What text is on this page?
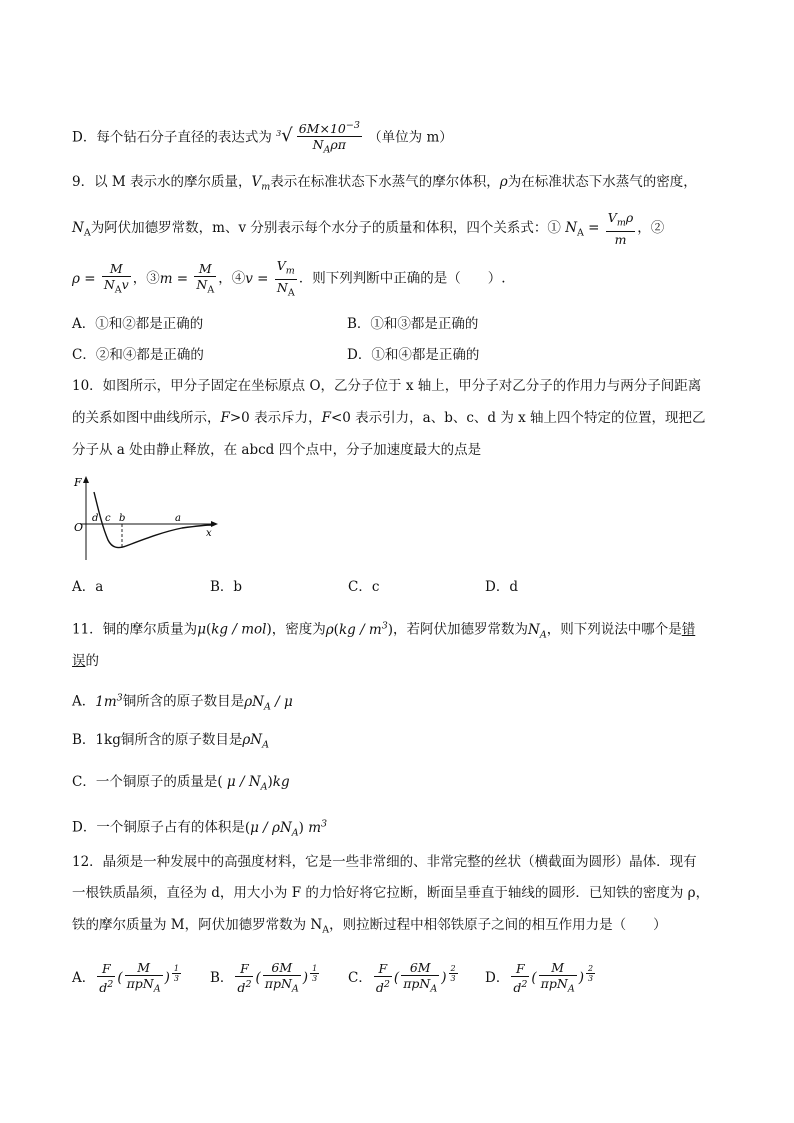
D．每个钻石分子直径的表达式为 $^3√ \frac{6M\times 10^{-3}}{N_A\rho\pi}$ （单位为 m）
9．以 M 表示水的摩尔质量，$V_m$表示在标准状态下水蒸气的摩尔体积，ρ为在标准状态下水蒸气的密度，
$N_A$为阿伏加德罗常数，m、v 分别表示每个水分子的质量和体积，四个关系式：① $N_A = \frac{V_m\rho}{m}$ ，②
$\rho = \frac{M}{N_Av}$ ，③m = $\frac{M}{N_A}$ ，④v = $\frac{V_m}{N_A}$ ．则下列判断中正确的是（　　）.
A．①和②都是正确的	B．①和③都是正确的
C．②和④都是正确的	D．①和④都是正确的
10．如图所示，甲分子固定在坐标原点 O，乙分子位于 x 轴上，甲分子对乙分子的作用力与两分子间距离
的关系如图中曲线所示，F>0 表示斥力，F<0 表示引力，a、b、c、d 为 x 轴上四个特定的位置，现把乙
分子从 a 处由静止释放，在 abcd 四个点中，分子加速度最大的点是
F
O
d c b	a
x
A．a	B．b	C．c	D．d
11．铜的摩尔质量为μ(kg / mol)，密度为$\rho(kg / m^3)$，若阿伏加德罗常数为$N_A$，则下列说法中哪个是错
误的
A．$1m^3$铜所含的原子数目是$\rho N_A$ / μ
B．1kg铜所含的原子数目是$\rho N_A$
C．一个铜原子的质量是( μ / $N_A)kg$
D．一个铜原子占有的体积是$(\mu / \rho N_A)$ $m^3$
12．晶须是一种发展中的高强度材料，它是一些非常细的、非常完整的丝状（横截面为圆形）晶体．现有
一根铁质晶须，直径为 d，用大小为 F 的力恰好将它拉断，断面呈垂直于轴线的圆形．已知铁的密度为 ρ，
铁的摩尔质量为 M，阿伏加德罗常数为 $N_A$，则拉断过程中相邻铁原子之间的相互作用力是（　　）
A． $\frac{F}{d^2}$ ( $\frac{M}{\pi pN_A}$ ) $^{\frac{1}{3}}$ B． $\frac{F}{d^2}$ ( $\frac{6M}{\pi pN_A}$ ) $^{\frac{1}{3}}$ C． $\frac{F}{d^2}$ ( $\frac{6M}{\pi pN_A}$ ) $^{\frac{2}{3}}$ D． $\frac{F}{d^2}$ ( $\frac{M}{\pi pN_A}$ ) $^{\frac{2}{3}}$
